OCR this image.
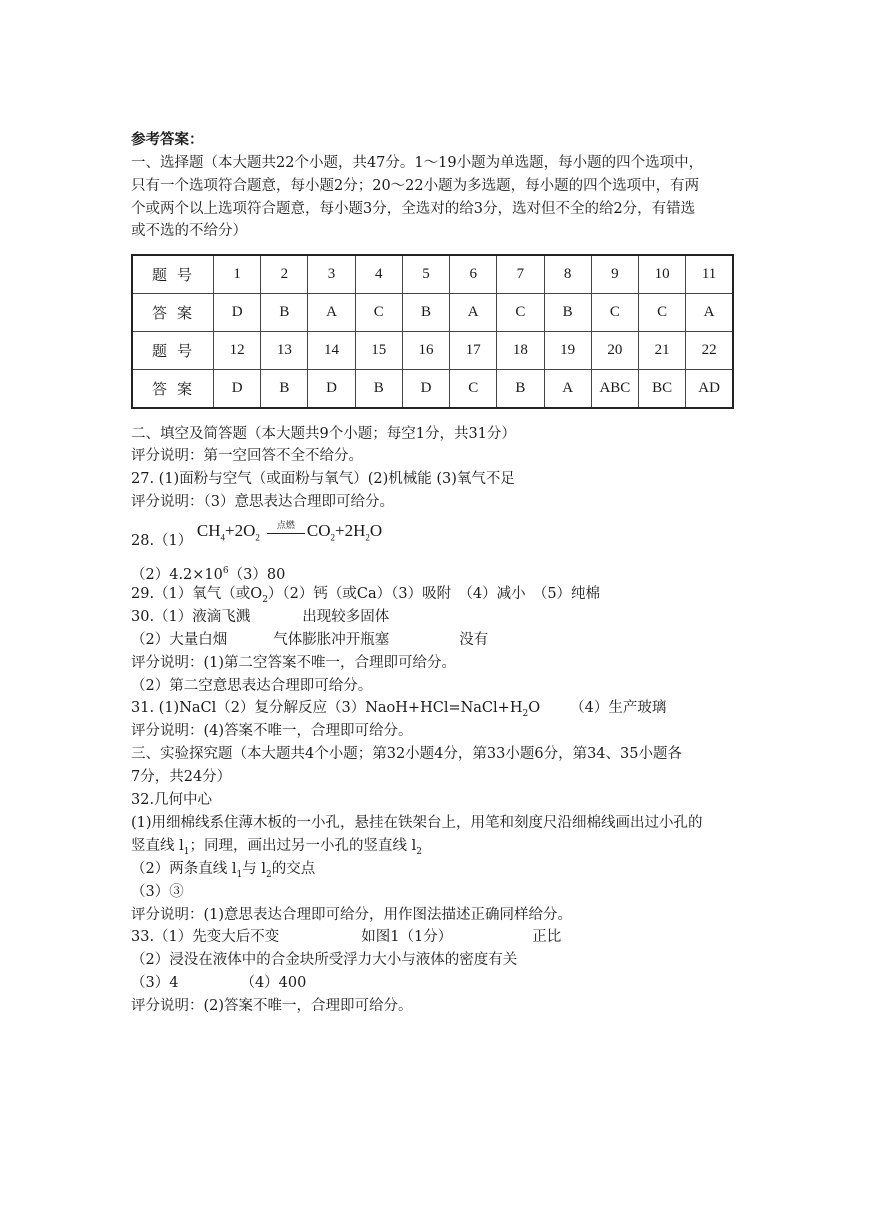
参考答案：
一、选择题（本大题共22个小题，共47分。1～19小题为单选题，每小题的四个选项中，
只有一个选项符合题意，每小题2分；20～22小题为多选题，每小题的四个选项中，有两
个或两个以上选项符合题意，每小题3分，全选对的给3分，选对但不全的给2分，有错选
或不选的不给分）
题号	1	2	3	4	5	6	7	8	9	10	11
答案	D	B	A	C	B	A	C	B	C	C	A
题号	12	13	14	15	16	17	18	19	20	21	22
答案	D	B	D	B	D	C	B	A	ABC	BC	AD
二、填空及简答题（本大题共9个小题；每空1分，共31分）
评分说明：第一空回答不全不给分。
27. (1)面粉与空气（或面粉与氧气）(2)机械能 (3)氧气不足
评分说明：（3）意思表达合理即可给分。
28.（1）
$CH_4+2O_2$
点燃 $CO_2+2H_2O$
$(2)4.2\times 10^6(3)80$
29.（1）氧气（或$O_2)(2)$钙（或Ca）（3）吸附　（4）减小　（5）纯棉
30.（1）液滴飞溅	出现较多固体
（2）大量白烟	气体膨胀冲开瓶塞	没有
评分说明：(1)第二空答案不唯一，合理即可给分。
（2）第二空意思表达合理即可给分。
31. (1)NaCl（2）复分解反应$(3)NaoH+HCl=NaCl+H_2O$ （4）生产玻璃
评分说明：(4)答案不唯一，合理即可给分。
三、实验探究题（本大题共4个小题；第32小题4分，第33小题6分，第34、35小题各
7分，共24分）
32.几何中心
(1)用细棉线系住薄木板的一小孔，悬挂在铁架台上，用笔和刻度尺沿细棉线画出过小孔的
竖直线 $l_1$；同理，画出过另一小孔的竖直线 $l_2$
（2）两条直线 $l_1$与 $l_2$的交点
（3）③
评分说明：(1)意思表达合理即可给分，用作图法描述正确同样给分。
33.（1）先变大后不变	如图1（1分）	正比
（2）浸没在液体中的合金块所受浮力大小与液体的密度有关
（3）4	（4）400
评分说明：(2)答案不唯一，合理即可给分。
